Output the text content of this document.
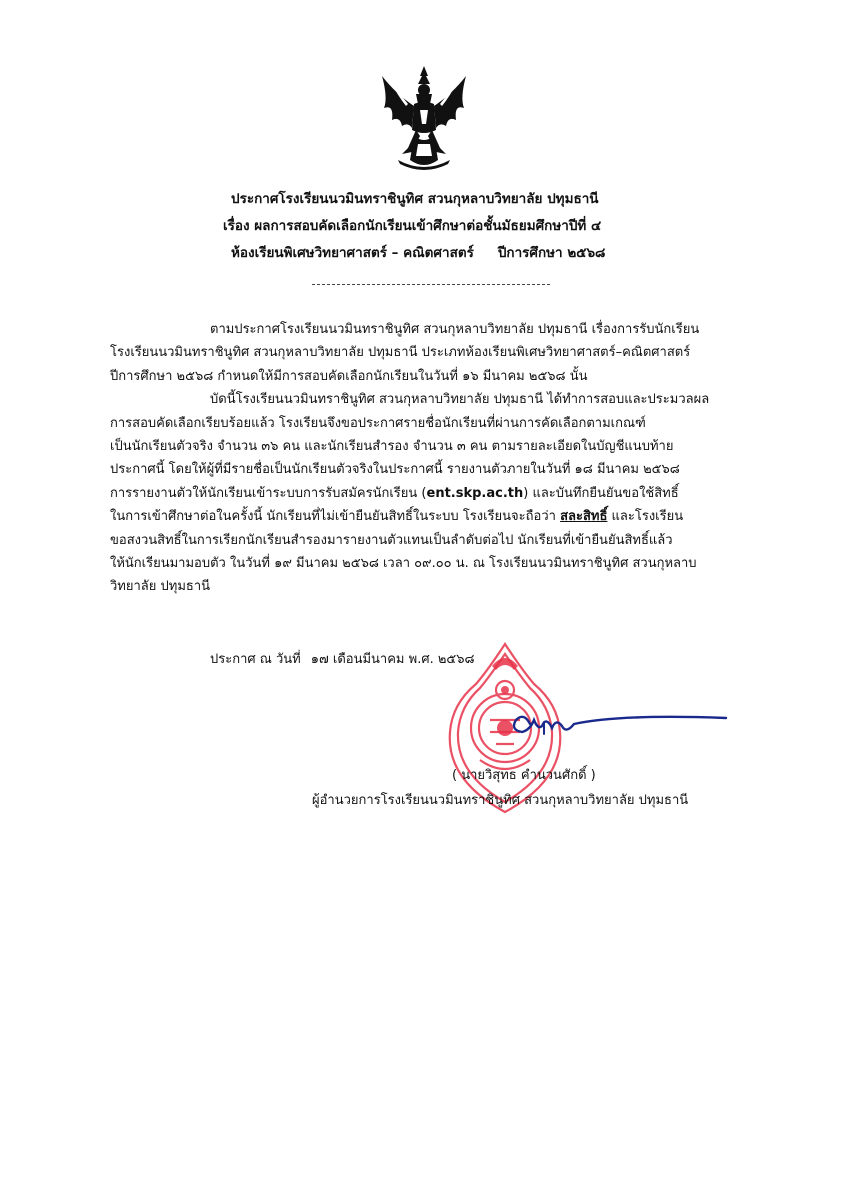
ประกาศโรงเรียนนวมินทราชินูทิศ สวนกุหลาบวิทยาลัย ปทุมธานี
เรื่อง ผลการสอบคัดเลือกนักเรียนเข้าศึกษาต่อชั้นมัธยมศึกษาปีที่ ๔
ห้องเรียนพิเศษวิทยาศาสตร์ – คณิตศาสตร์ ปีการศึกษา ๒๕๖๘
ตามประกาศโรงเรียนนวมินทราชินูทิศ สวนกุหลาบวิทยาลัย ปทุมธานี เรื่องการรับนักเรียน
โรงเรียนนวมินทราชินูทิศ สวนกุหลาบวิทยาลัย ปทุมธานี ประเภทห้องเรียนพิเศษวิทยาศาสตร์–คณิตศาสตร์
ปีการศึกษา ๒๕๖๘ กำหนดให้มีการสอบคัดเลือกนักเรียนในวันที่ ๑๖ มีนาคม ๒๕๖๘ นั้น
บัดนี้โรงเรียนนวมินทราชินูทิศ สวนกุหลาบวิทยาลัย ปทุมธานี ได้ทำการสอบและประมวลผล
การสอบคัดเลือกเรียบร้อยแล้ว โรงเรียนจึงขอประกาศรายชื่อนักเรียนที่ผ่านการคัดเลือกตามเกณฑ์
เป็นนักเรียนตัวจริง จำนวน ๓๖ คน และนักเรียนสำรอง จำนวน ๓ คน ตามรายละเอียดในบัญชีแนบท้าย
ประกาศนี้ โดยให้ผู้ที่มีรายชื่อเป็นนักเรียนตัวจริงในประกาศนี้ รายงานตัวภายในวันที่ ๑๘ มีนาคม ๒๕๖๘
การรายงานตัวให้นักเรียนเข้าระบบการรับสมัครนักเรียน (ent.skp.ac.th) และบันทึกยืนยันขอใช้สิทธิ์
ในการเข้าศึกษาต่อในครั้งนี้ นักเรียนที่ไม่เข้ายืนยันสิทธิ์ในระบบ โรงเรียนจะถือว่า สละสิทธิ์ และโรงเรียน
ขอสงวนสิทธิ์ในการเรียกนักเรียนสำรองมารายงานตัวแทนเป็นลำดับต่อไป นักเรียนที่เข้ายืนยันสิทธิ์แล้ว
ให้นักเรียนมามอบตัว ในวันที่ ๑๙ มีนาคม ๒๕๖๘ เวลา ๐๙.๐๐ น. ณ โรงเรียนนวมินทราชินูทิศ สวนกุหลาบ
วิทยาลัย ปทุมธานี
ประกาศ ณ วันที่ ๑๗ เดือนมีนาคม พ.ศ. ๒๕๖๘
( นายวิสุทธ คำนวนศักดิ์ )
ผู้อำนวยการโรงเรียนนวมินทราชินูทิศ สวนกุหลาบวิทยาลัย ปทุมธานี
